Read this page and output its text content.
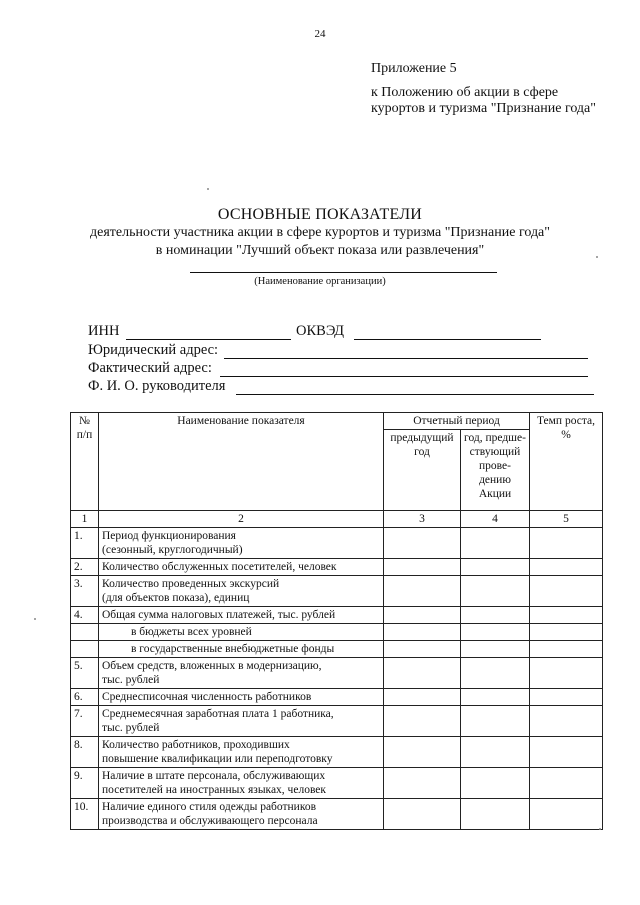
24
Приложение 5
к Положению об акции в сфере курортов и туризма "Признание года"
ОСНОВНЫЕ ПОКАЗАТЕЛИ
деятельности участника акции в сфере курортов и туризма "Признание года"
в номинации "Лучший объект показа или развлечения"
(Наименование организации)
ИНН	ОКВЭД
Юридический адрес:
Фактический адрес:
Ф. И. О. руководителя
№ п/п	Наименование показателя	Отчетный период		Темп роста, %
		предыдущий год	год, предше-ствующий прове-дению Акции	
1	2	3	4	5
1.	Период функционирования
(сезонный, круглогодичный)			

2.	Количество обслуженных посетителей, человек			

3.	Количество проведенных экскурсий
(для объектов показа), единиц			

4.	Общая сумма налоговых платежей, тыс. рублей			

	в бюджеты всех уровней			

	в государственные внебюджетные фонды			

5.	Объем средств, вложенных в модернизацию,
тыс. рублей			

6.	Среднесписочная численность работников			

7.	Среднемесячная заработная плата 1 работника,
тыс. рублей			

8.	Количество работников, проходивших
повышение квалификации или переподготовку			

9.	Наличие в штате персонала, обслуживающих
посетителей на иностранных языках, человек			

10.	Наличие единого стиля одежды работников
производства и обслуживающего персонала			
